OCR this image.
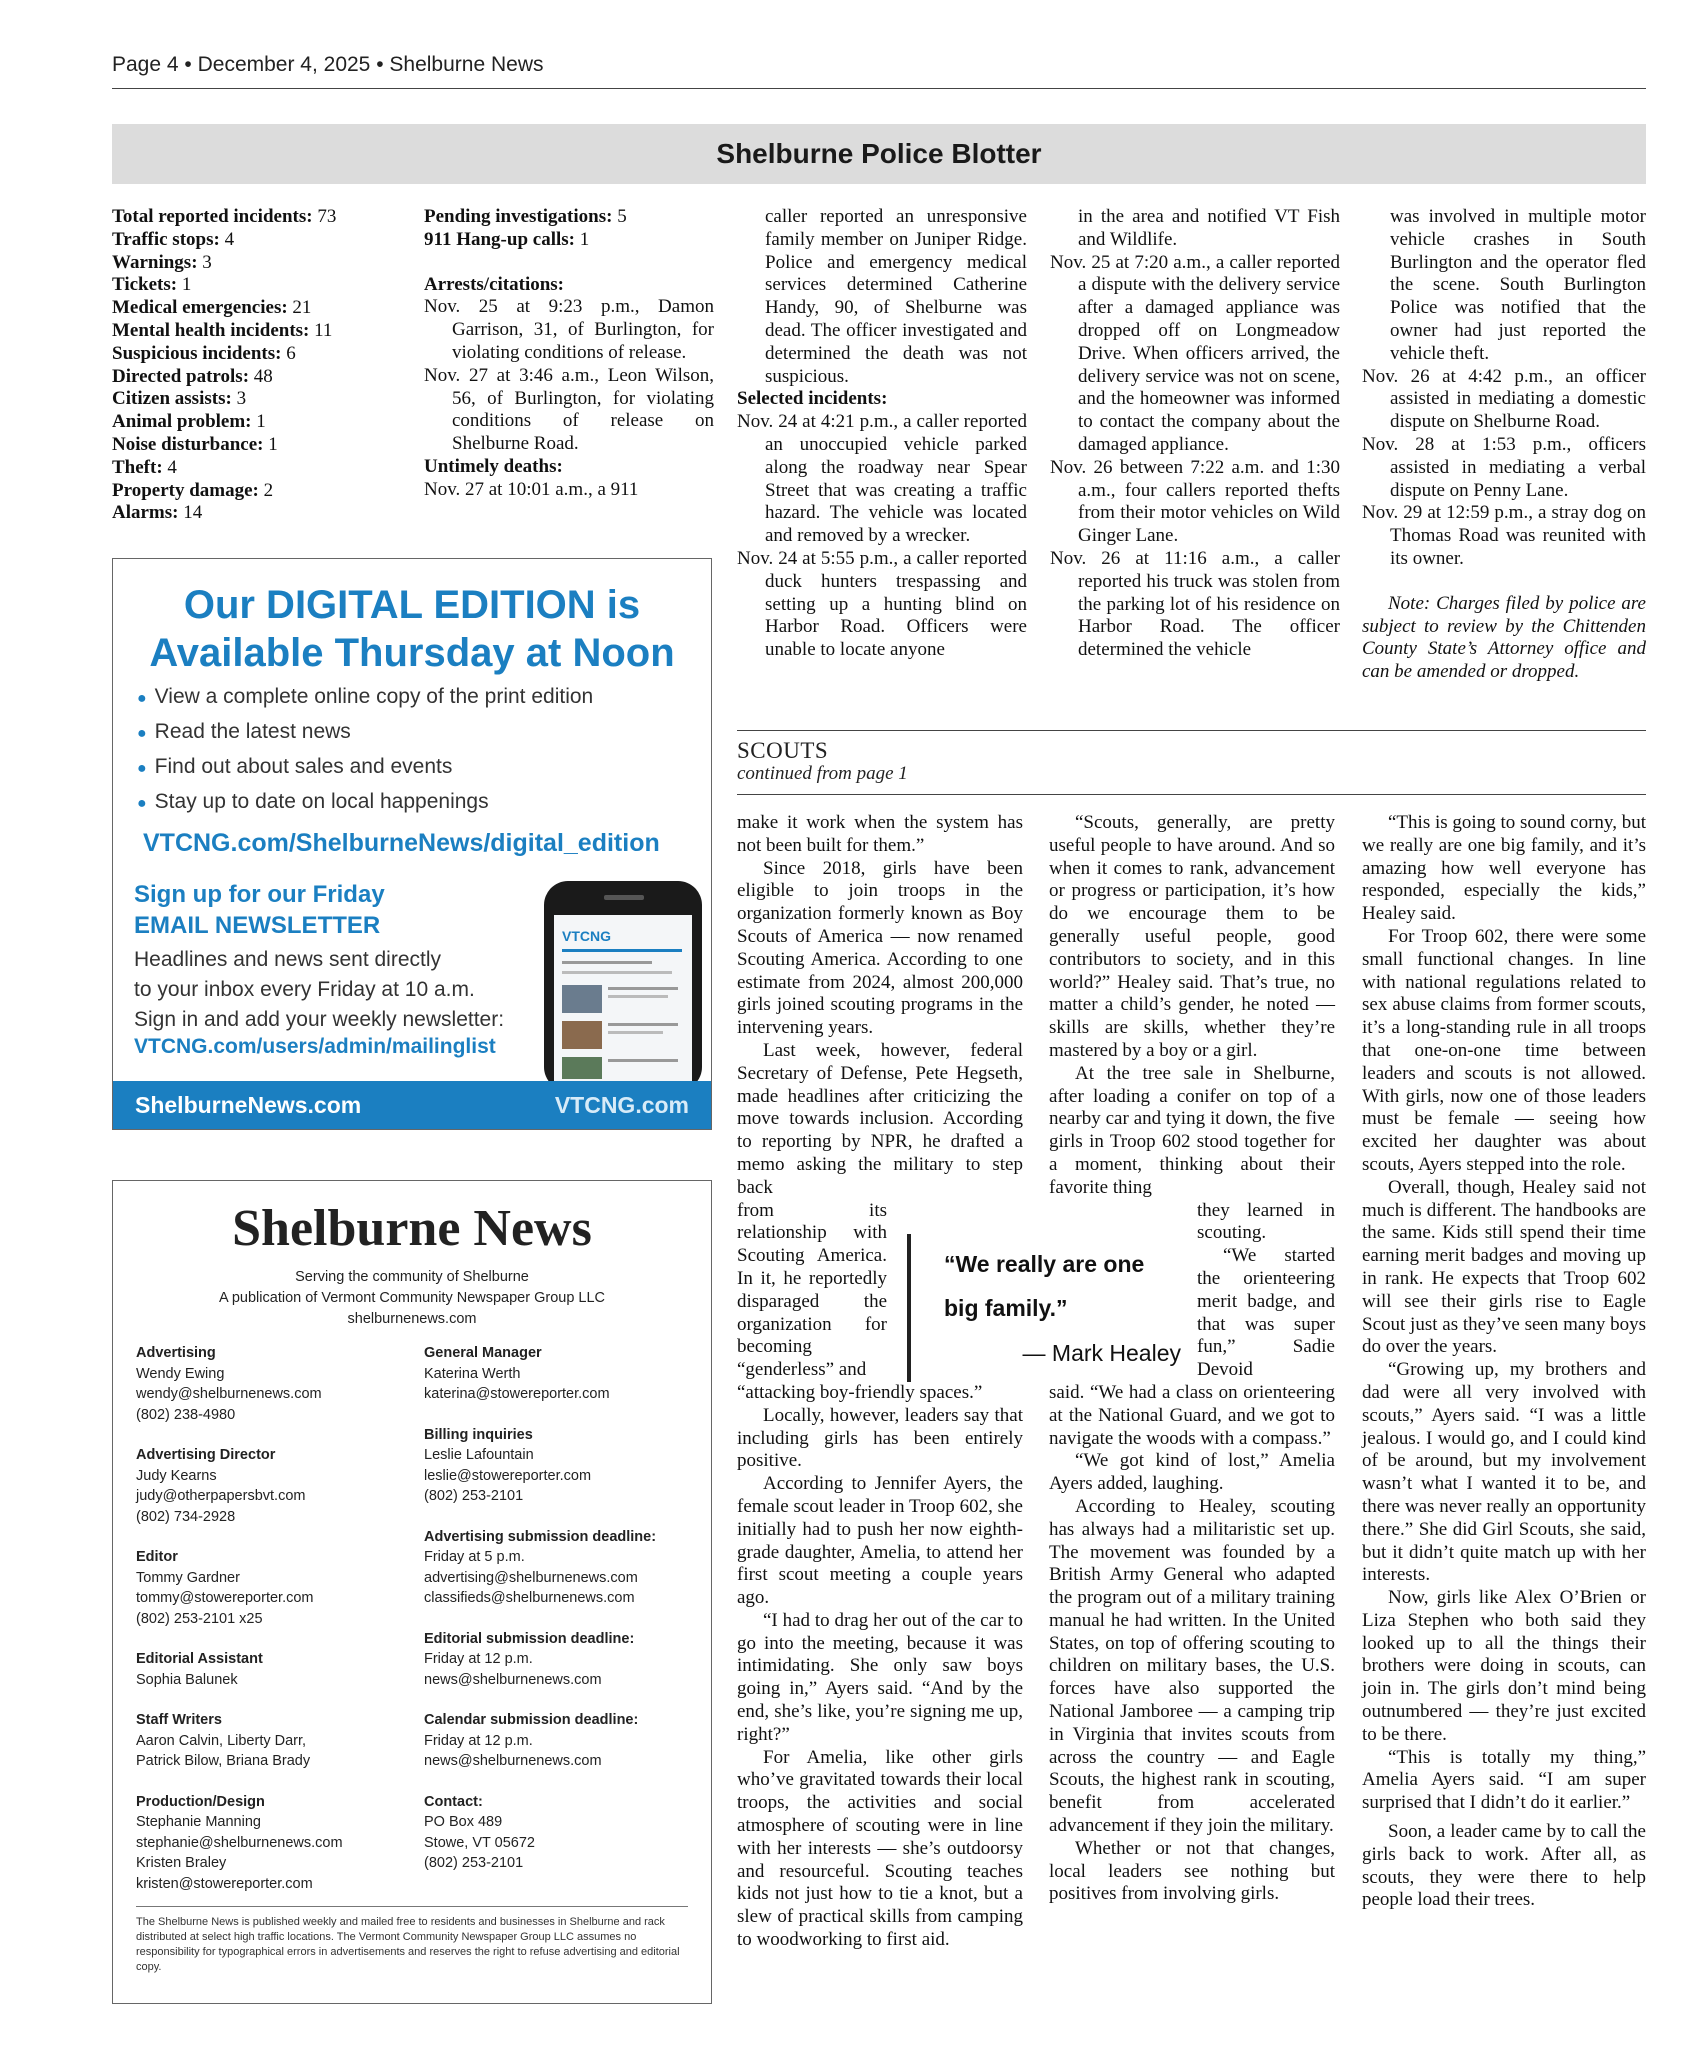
Page 4 • December 4, 2025 • Shelburne News
Shelburne Police Blotter

Total reported incidents: 73

Traffic stops: 4

Warnings: 3

Tickets: 1

Medical emergencies: 21

Mental health incidents: 11

Suspicious incidents: 6

Directed patrols: 48

Citizen assists: 3

Animal problem: 1

Noise disturbance: 1

Theft: 4

Property damage: 2

Alarms: 14

Pending investigations: 5

911 Hang-up calls: 1

Arrests/citations:

Nov. 25 at 9:23 p.m., Damon Garrison, 31, of Burlington, for violating conditions of release.

Nov. 27 at 3:46 a.m., Leon Wilson, 56, of Burlington, for violating conditions of release on Shelburne Road.

Untimely deaths:

Nov. 27 at 10:01 a.m., a 911

caller reported an unresponsive family member on Juniper Ridge. Police and emergency medical services determined Catherine Handy, 90, of Shelburne was dead. The officer investigated and determined the death was not suspicious.

Selected incidents:

Nov. 24 at 4:21 p.m., a caller reported an unoccupied vehicle parked along the roadway near Spear Street that was creating a traffic hazard. The vehicle was located and removed by a wrecker.

Nov. 24 at 5:55 p.m., a caller reported duck hunters trespassing and setting up a hunting blind on Harbor Road. Officers were unable to locate anyone

in the area and notified VT Fish and Wildlife.

Nov. 25 at 7:20 a.m., a caller reported a dispute with the delivery service after a damaged appliance was dropped off on Longmeadow Drive. When officers arrived, the delivery service was not on scene, and the homeowner was informed to contact the company about the damaged appliance.

Nov. 26 between 7:22 a.m. and 1:30 a.m., four callers reported thefts from their motor vehicles on Wild Ginger Lane.

Nov. 26 at 11:16 a.m., a caller reported his truck was stolen from the parking lot of his residence on Harbor Road. The officer determined the vehicle

was involved in multiple motor vehicle crashes in South Burlington and the operator fled the scene. South Burlington Police was notified that the owner had just reported the vehicle theft.

Nov. 26 at 4:42 p.m., an officer assisted in mediating a domestic dispute on Shelburne Road.

Nov. 28 at 1:53 p.m., officers assisted in mediating a verbal dispute on Penny Lane.

Nov. 29 at 12:59 p.m., a stray dog on Thomas Road was reunited with its owner.

Note: Charges filed by police are subject to review by the Chittenden County State’s Attorney office and can be amended or dropped.

Our DIGITAL EDITION is
Available Thursday at Noon
● View a complete online copy of the print edition
● Read the latest news
● Find out about sales and events
● Stay up to date on local happenings
VTCNG.com/ShelburneNews/digital_edition
Sign up for our Friday
EMAIL NEWSLETTER
Headlines and news sent directly
to your inbox every Friday at 10 a.m.
Sign in and add your weekly newsletter:
VTCNG.com/users/admin/mailinglist
VTCNG
ShelburneNews.com	VTCNG.com
Shelburne News
Serving the community of Shelburne
A publication of Vermont Community Newspaper Group LLC
shelburnenews.com
Advertising
Wendy Ewing
wendy@shelburnenews.com
(802) 238-4980
Advertising Director
Judy Kearns
judy@otherpapersbvt.com
(802) 734-2928
Editor
Tommy Gardner
tommy@stowereporter.com
(802) 253-2101 x25
Editorial Assistant
Sophia Balunek
Staff Writers
Aaron Calvin, Liberty Darr,
Patrick Bilow, Briana Brady
Production/Design
Stephanie Manning
stephanie@shelburnenews.com
Kristen Braley
kristen@stowereporter.com
General Manager
Katerina Werth
katerina@stowereporter.com
Billing inquiries
Leslie Lafountain
leslie@stowereporter.com
(802) 253-2101
Advertising submission deadline:
Friday at 5 p.m.
advertising@shelburnenews.com
classifieds@shelburnenews.com
Editorial submission deadline:
Friday at 12 p.m.
news@shelburnenews.com
Calendar submission deadline:
Friday at 12 p.m.
news@shelburnenews.com
Contact:
PO Box 489
Stowe, VT 05672
(802) 253-2101
The Shelburne News is published weekly and mailed free to residents and businesses in Shelburne and rack distributed at select high traffic locations. The Vermont Community Newspaper Group LLC assumes no responsibility for typographical errors in advertisements and reserves the right to refuse advertising and editorial copy.
SCOUTS
continued from page 1

make it work when the system has not been built for them.”

Since 2018, girls have been eligible to join troops in the organization formerly known as Boy Scouts of America — now renamed Scouting America. According to one estimate from 2024, almost 200,000 girls joined scouting programs in the intervening years.

Last week, however, federal Secretary of Defense, Pete Hegseth, made headlines after criticizing the move towards inclusion. According to reporting by NPR, he drafted a memo asking the military to step back

from its relationship with Scouting America. In it, he reportedly disparaged the organization for becoming “genderless” and

“attacking boy-friendly spaces.”

Locally, however, leaders say that including girls has been entirely positive.

According to Jennifer Ayers, the female scout leader in Troop 602, she initially had to push her now eighth-grade daughter, Amelia, to attend her first scout meeting a couple years ago.

“I had to drag her out of the car to go into the meeting, because it was intimidating. She only saw boys going in,” Ayers said. “And by the end, she’s like, you’re signing me up, right?”

For Amelia, like other girls who’ve gravitated towards their local troops, the activities and social atmosphere of scouting were in line with her interests — she’s outdoorsy and resourceful. Scouting teaches kids not just how to tie a knot, but a slew of practical skills from camping to woodworking to first aid.

“Scouts, generally, are pretty useful people to have around. And so when it comes to rank, advancement or progress or participation, it’s how do we encourage them to be generally useful people, good contributors to society, and in this world?” Healey said. That’s true, no matter a child’s gender, he noted — skills are skills, whether they’re mastered by a boy or a girl.

At the tree sale in Shelburne, after loading a conifer on top of a nearby car and tying it down, the five girls in Troop 602 stood together for a moment, thinking about their favorite thing

they learned in scouting.

“We started the orienteering merit badge, and that was super fun,” Sadie Devoid

said. “We had a class on orienteering at the National Guard, and we got to navigate the woods with a compass.”

“We got kind of lost,” Amelia Ayers added, laughing.

According to Healey, scouting has always had a militaristic set up. The movement was founded by a British Army General who adapted the program out of a military training manual he had written. In the United States, on top of offering scouting to children on military bases, the U.S. forces have also supported the National Jamboree — a camping trip in Virginia that invites scouts from across the country — and Eagle Scouts, the highest rank in scouting, benefit from accelerated advancement if they join the military.

Whether or not that changes, local leaders see nothing but positives from involving girls.

“This is going to sound corny, but we really are one big family, and it’s amazing how well everyone has responded, especially the kids,” Healey said.

For Troop 602, there were some small functional changes. In line with national regulations related to sex abuse claims from former scouts, it’s a long-standing rule in all troops that one-on-one time between leaders and scouts is not allowed. With girls, now one of those leaders must be female — seeing how excited her daughter was about scouts, Ayers stepped into the role.

Overall, though, Healey said not much is different. The handbooks are the same. Kids still spend their time earning merit badges and moving up in rank. He expects that Troop 602 will see their girls rise to Eagle Scout just as they’ve seen many boys do over the years.

“Growing up, my brothers and dad were all very involved with scouts,” Ayers said. “I was a little jealous. I would go, and I could kind of be around, but my involvement wasn’t what I wanted it to be, and there was never really an opportunity there.” She did Girl Scouts, she said, but it didn’t quite match up with her interests.

Now, girls like Alex O’Brien or Liza Stephen who both said they looked up to all the things their brothers were doing in scouts, can join in. The girls don’t mind being outnumbered — they’re just excited to be there.

“This is totally my thing,” Amelia Ayers said. “I am super surprised that I didn’t do it earlier.”

Soon, a leader came by to call the girls back to work. After all, as scouts, they were there to help people load their trees.

“We really are one
big family.”
— Mark Healey
